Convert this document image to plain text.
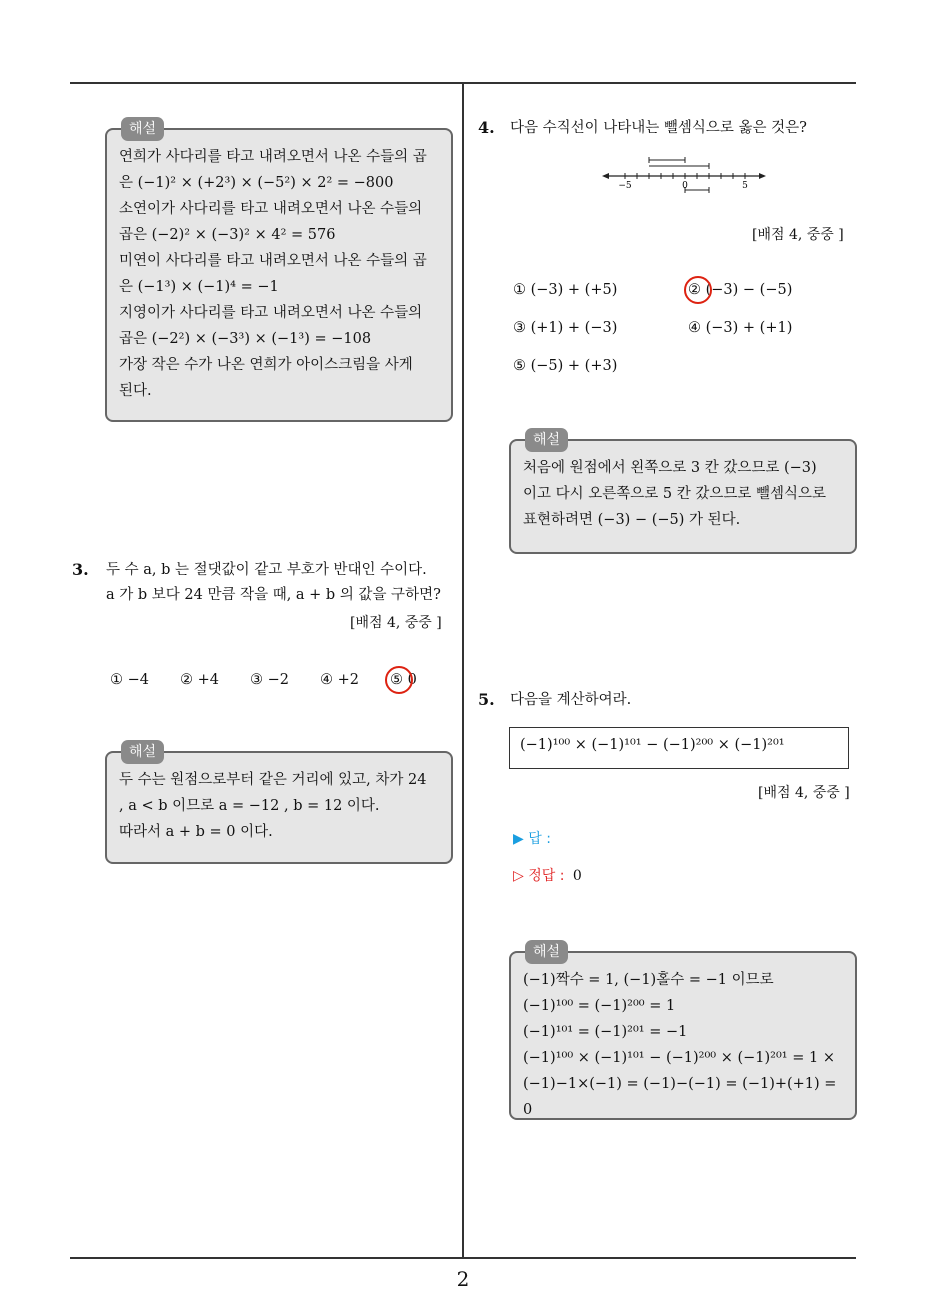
해설
연희가 사다리를 타고 내려오면서 나온 수들의 곱
은 (−1)² × (+2³) × (−5²) × 2² = −800
소연이가 사다리를 타고 내려오면서 나온 수들의
곱은 (−2)² × (−3)² × 4² = 576
미연이 사다리를 타고 내려오면서 나온 수들의 곱
은 (−1³) × (−1)⁴ = −1
지영이가 사다리를 타고 내려오면서 나온 수들의
곱은 (−2²) × (−3³) × (−1³) = −108
가장 작은 수가 나온 연희가 아이스크림을 사게
된다.
3. 두 수 a, b 는 절댓값이 같고 부호가 반대인 수이다.
a 가 b 보다 24 만큼 작을 때, a + b 의 값을 구하면?
[배점 4, 중중 ]
① −4 ② +4 ③ −2 ④ +2 ⑤ 0
해설
두 수는 원점으로부터 같은 거리에 있고, 차가 24
, a < b 이므로 a = −12 , b = 12 이다.
따라서 a + b = 0 이다.
4. 다음 수직선이 나타내는 뺄셈식으로 옳은 것은?
−5	0	5
[배점 4, 중중 ]
① (−3) + (+5)	② (−3) − (−5)
③ (+1) + (−3)	④ (−3) + (+1)
⑤ (−5) + (+3)
해설
처음에 원점에서 왼쪽으로 3 칸 갔으므로 (−3)
이고 다시 오른쪽으로 5 칸 갔으므로 뺄셈식으로
표현하려면 (−3) − (−5) 가 된다.
5. 다음을 계산하여라.
(−1)¹⁰⁰ × (−1)¹⁰¹ − (−1)²⁰⁰ × (−1)²⁰¹
[배점 4, 중중 ]
▶ 답 :
▷ 정답 : 0
해설
(−1)짝수 = 1, (−1)홀수 = −1 이므로
(−1)¹⁰⁰ = (−1)²⁰⁰ = 1
(−1)¹⁰¹ = (−1)²⁰¹ = −1
(−1)¹⁰⁰ × (−1)¹⁰¹ − (−1)²⁰⁰ × (−1)²⁰¹ = 1 ×
(−1)−1×(−1) = (−1)−(−1) = (−1)+(+1) = 0
2
